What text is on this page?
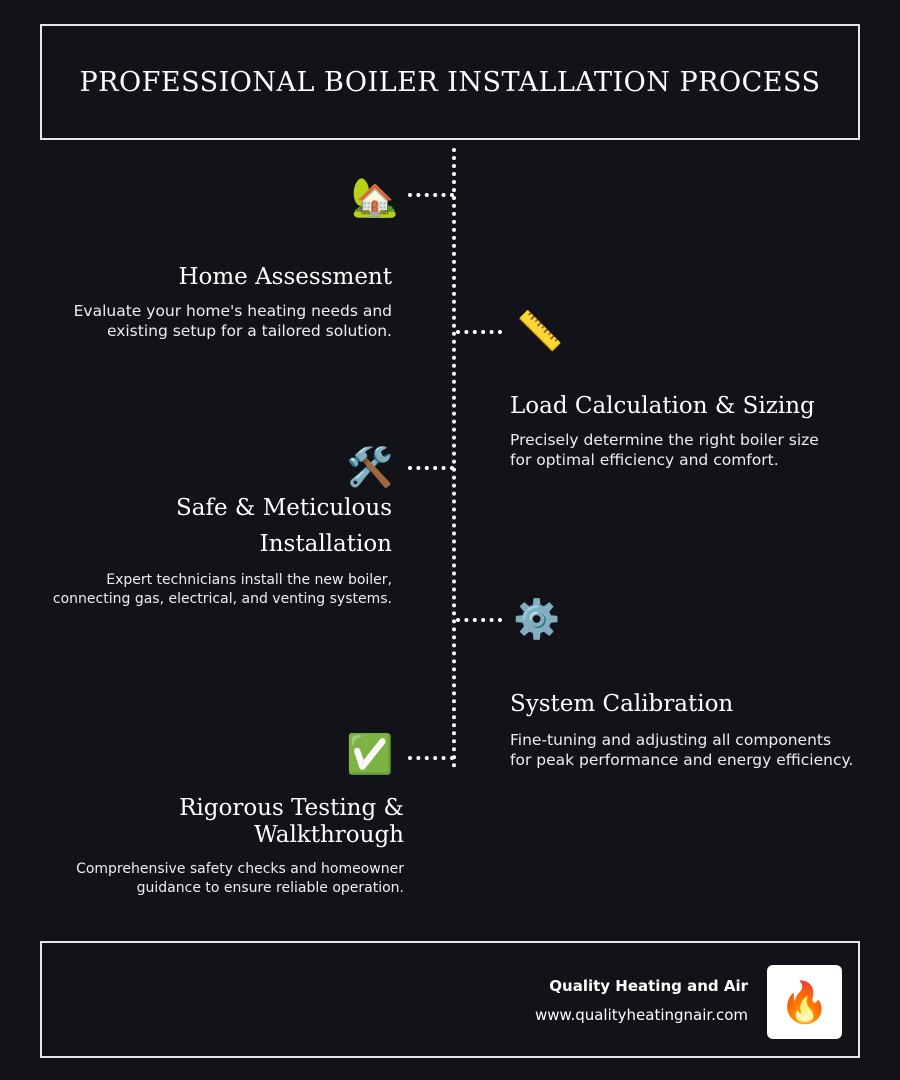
PROFESSIONAL BOILER INSTALLATION PROCESS
🏡
Home Assessment
Evaluate your home's heating needs and
existing setup for a tailored solution.	📏
Load Calculation & Sizing
Precisely determine the right boiler size
for optimal efficiency and comfort.
🛠️
Safe & Meticulous
Installation
Expert technicians install the new boiler,
connecting gas, electrical, and venting systems.	⚙️
System Calibration
Fine-tuning and adjusting all components
for peak performance and energy efficiency.
✅
Rigorous Testing &
Walkthrough
Comprehensive safety checks and homeowner
guidance to ensure reliable operation.
Quality Heating and Air
www.qualityheatingnair.com 🔥
